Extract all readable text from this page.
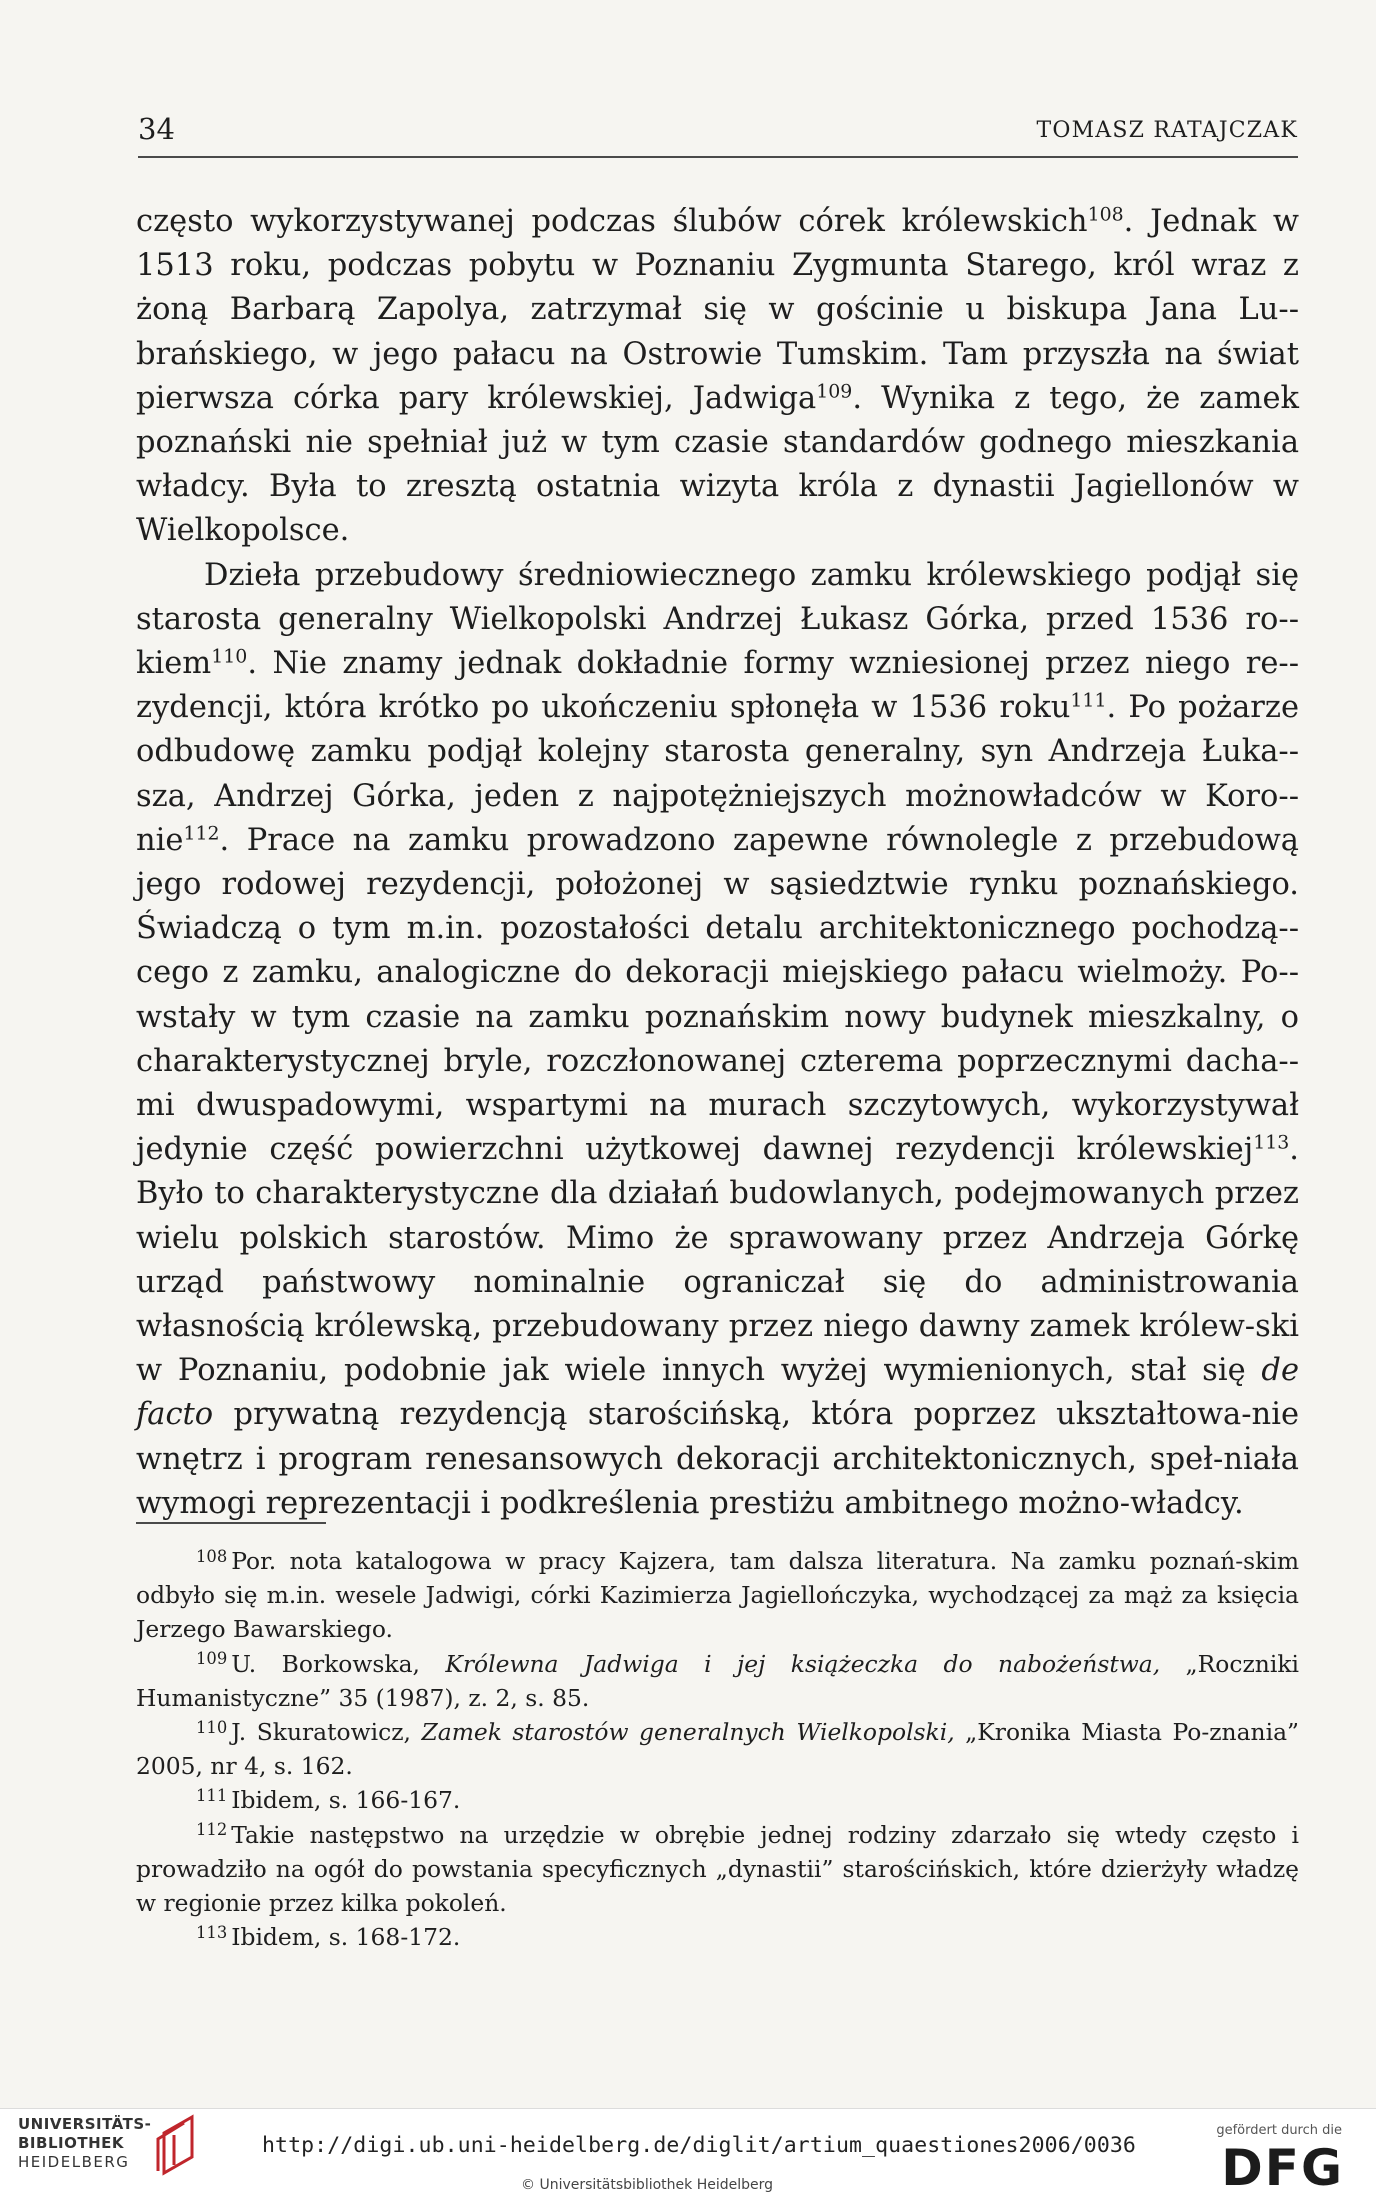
34	TOMASZ RATAJCZAK

często wykorzystywanej podczas ślubów córek królewskich$^{108}$. Jednak w 1513 roku, podczas pobytu w Poznaniu Zygmunta Starego, król wraz z żoną Barbarą Zapolya, zatrzymał się w gościnie u biskupa Jana Lu-brańskiego, w jego pałacu na Ostrowie Tumskim. Tam przyszła na świat pierwsza córka pary królewskiej, Jadwiga$^{109}$. Wynika z tego, że zamek poznański nie spełniał już w tym czasie standardów godnego mieszkania władcy. Była to zresztą ostatnia wizyta króla z dynastii Jagiellonów w Wielkopolsce.

Dzieła przebudowy średniowiecznego zamku królewskiego podjął się starosta generalny Wielkopolski Andrzej Łukasz Górka, przed 1536 ro-kiem$^{110}$. Nie znamy jednak dokładnie formy wzniesionej przez niego re-zydencji, która krótko po ukończeniu spłonęła w 1536 roku$^{111}$. Po pożarze odbudowę zamku podjął kolejny starosta generalny, syn Andrzeja Łuka-sza, Andrzej Górka, jeden z najpotężniejszych możnowładców w Koro-nie$^{112}$. Prace na zamku prowadzono zapewne równolegle z przebudową jego rodowej rezydencji, położonej w sąsiedztwie rynku poznańskiego. Świadczą o tym m.in. pozostałości detalu architektonicznego pochodzą-cego z zamku, analogiczne do dekoracji miejskiego pałacu wielmoży. Po-wstały w tym czasie na zamku poznańskim nowy budynek mieszkalny, o charakterystycznej bryle, rozczłonowanej czterema poprzecznymi dacha-mi dwuspadowymi, wspartymi na murach szczytowych, wykorzystywał jedynie część powierzchni użytkowej dawnej rezydencji królewskiej$^{113}$. Było to charakterystyczne dla działań budowlanych, podejmowanych przez wielu polskich starostów. Mimo że sprawowany przez Andrzeja Górkę urząd państwowy nominalnie ograniczał się do administrowania własnością królewską, przebudowany przez niego dawny zamek królew-ski w Poznaniu, podobnie jak wiele innych wyżej wymienionych, stał się de facto prywatną rezydencją starościńską, która poprzez ukształtowa-nie wnętrz i program renesansowych dekoracji architektonicznych, speł-niała wymogi reprezentacji i podkreślenia prestiżu ambitnego możno-władcy.

$^{108}$ Por. nota katalogowa w pracy Kajzera, tam dalsza literatura. Na zamku poznań-skim odbyło się m.in. wesele Jadwigi, córki Kazimierza Jagiellończyka, wychodzącej za mąż za księcia Jerzego Bawarskiego.

$^{109}$ U. Borkowska, Królewna Jadwiga i jej książeczka do nabożeństwa, „Roczniki Humanistyczne” 35 (1987), z. 2, s. 85.

$^{110}$ J. Skuratowicz, Zamek starostów generalnych Wielkopolski, „Kronika Miasta Po-znania” 2005, nr 4, s. 162.

$^{111}$ Ibidem, s. 166-167.

$^{112}$ Takie następstwo na urzędzie w obrębie jednej rodziny zdarzało się wtedy często i prowadziło na ogół do powstania specyficznych „dynastii” starościńskich, które dzierżyły władzę w regionie przez kilka pokoleń.

$^{113}$ Ibidem, s. 168-172.

UNIVERSITÄTS-
BIBLIOTHEK
HEIDELBERG
http://digi.ub.uni-heidelberg.de/diglit/artium_quaestiones2006/0036
© Universitätsbibliothek Heidelberg
gefördert durch die
DFG
